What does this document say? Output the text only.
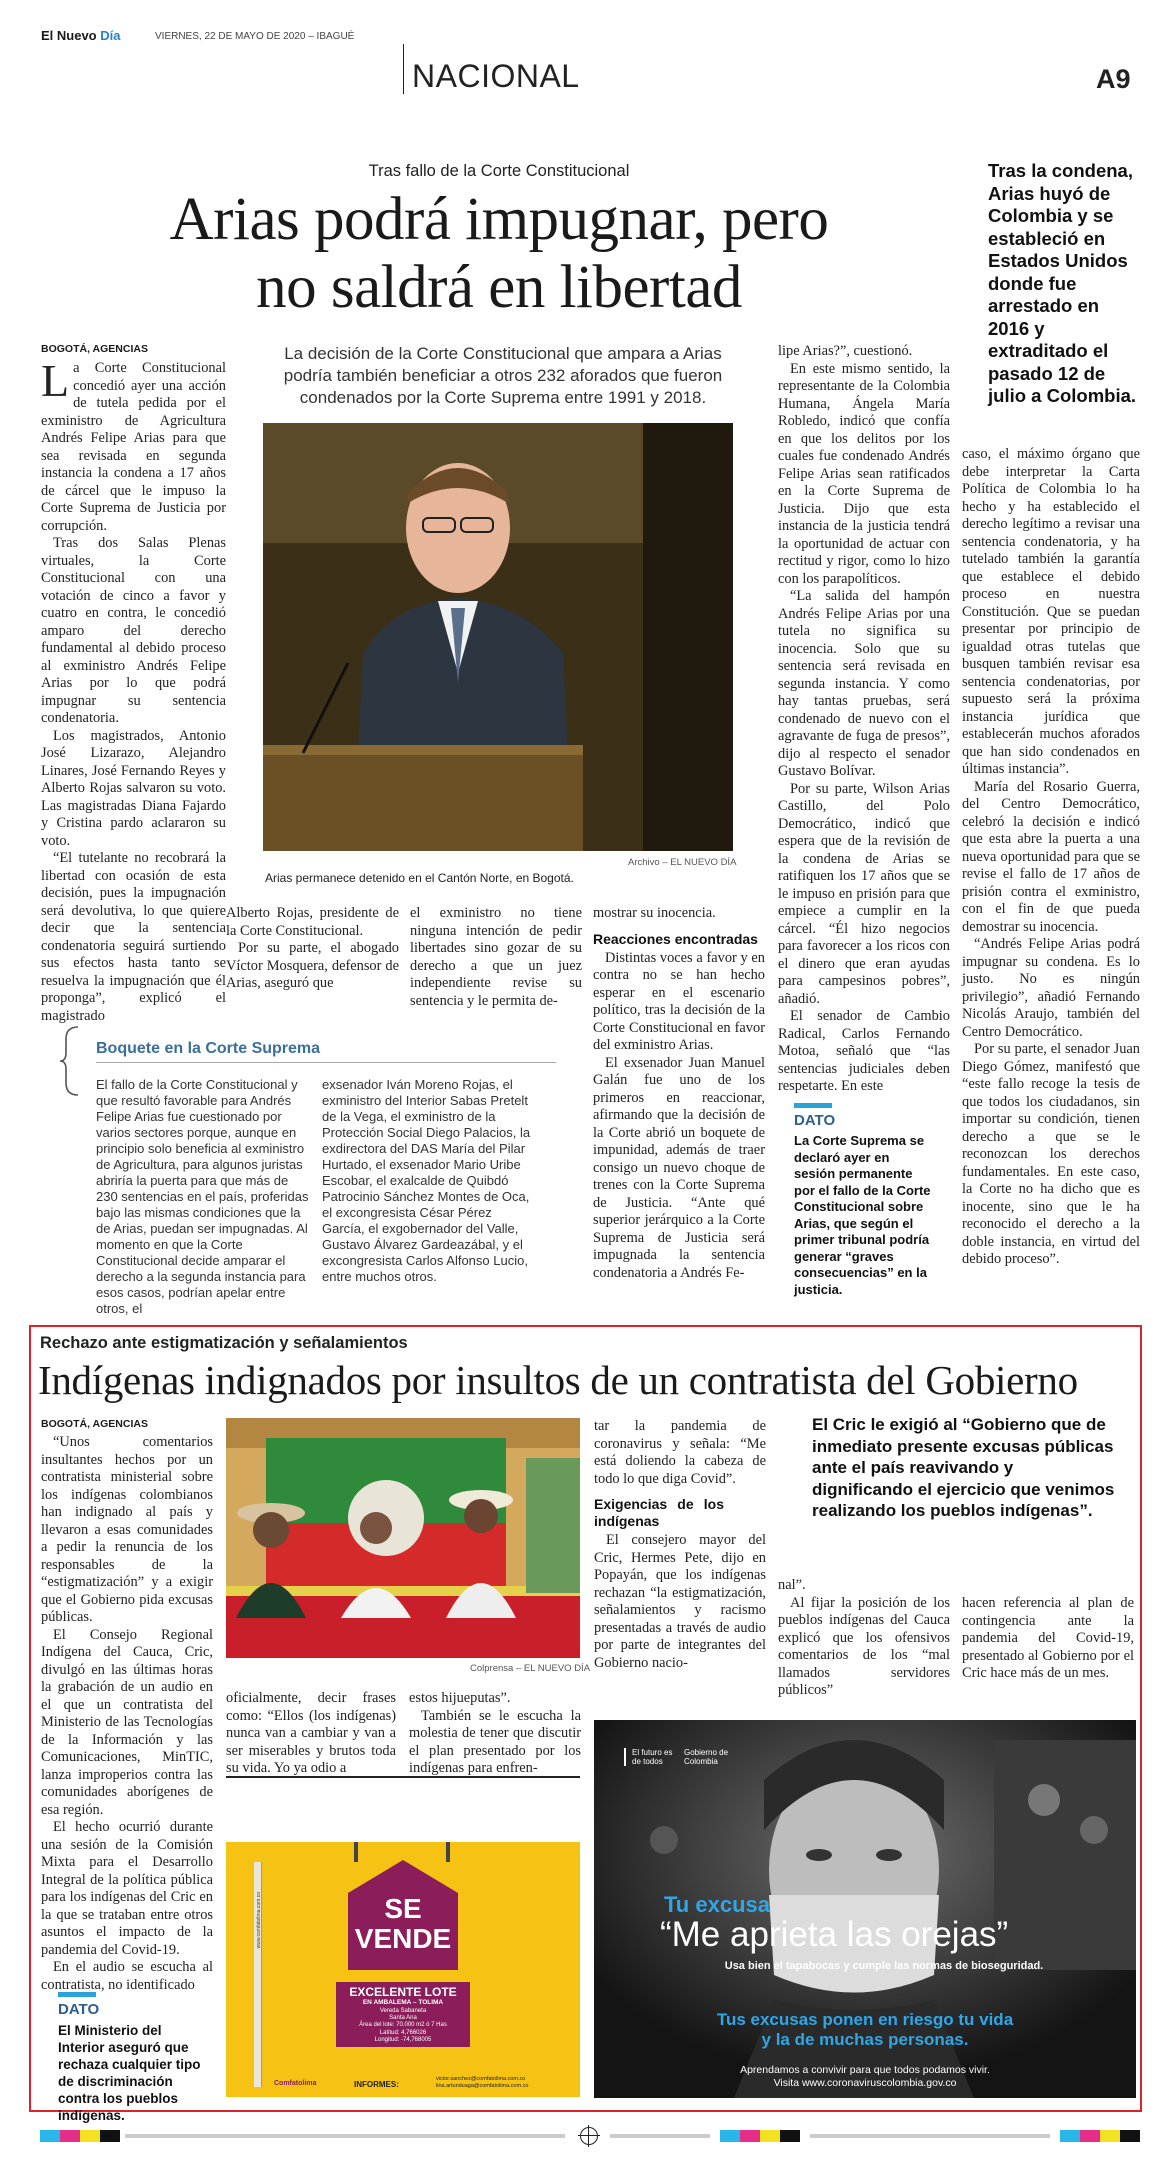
El Nuevo Día	VIERNES, 22 DE MAYO DE 2020 – IBAGUÉ
NACIONAL	A9
Tras fallo de la Corte Constitucional
Arias podrá impugnar, pero
no saldrá en libertad
Tras la condena, Arias huyó de Colombia y se estableció en Estados Unidos donde fue arrestado en 2016 y extraditado el pasado 12 de julio a Colombia.
La decisión de la Corte Constitucional que ampara a Arias podría también beneficiar a otros 232 aforados que fueron condenados por la Corte Suprema entre 1991 y 2018.
Arias permanece detenido en el Cantón Norte, en Bogotá.
Archivo – EL NUEVO DÍA
BOGOTÁ, AGENCIAS

La Corte Constitucional concedió ayer una acción de tutela pedida por el exministro de Agricultura Andrés Felipe Arias para que sea revisada en segunda instancia la condena a 17 años de cárcel que le impuso la Corte Suprema de Justicia por corrupción.

Tras dos Salas Plenas virtuales, la Corte Constitucional con una votación de cinco a favor y cuatro en contra, le concedió amparo del derecho fundamental al debido proceso al exministro Andrés Felipe Arias por lo que podrá impugnar su sentencia condenatoria.

Los magistrados, Antonio José Lizarazo, Alejandro Linares, José Fernando Reyes y Alberto Rojas salvaron su voto. Las magistradas Diana Fajardo y Cristina pardo aclararon su voto.

“El tutelante no recobrará la libertad con ocasión de esta decisión, pues la impugnación será devolutiva, lo que quiere decir que la sentencia condenatoria seguirá surtiendo sus efectos hasta tanto se resuelva la impugnación que él proponga”, explicó el magistrado

Alberto Rojas, presidente de la Corte Constitucional.

Por su parte, el abogado Víctor Mosquera, defensor de Arias, aseguró que

el exministro no tiene ninguna intención de pedir libertades sino gozar de su derecho a que un juez independiente revise su sentencia y le permita de-

mostrar su inocencia.

Reacciones encontradas

Distintas voces a favor y en contra no se han hecho esperar en el escenario político, tras la decisión de la Corte Constitucional en favor del exministro Arias.

El exsenador Juan Manuel Galán fue uno de los primeros en reaccionar, afirmando que la decisión de la Corte abrió un boquete de impunidad, además de traer consigo un nuevo choque de trenes con la Corte Suprema de Justicia. “Ante qué superior jerárquico a la Corte Suprema de Justicia será impugnada la sentencia condenatoria a Andrés Fe-

lipe Arias?”, cuestionó.

En este mismo sentido, la representante de la Colombia Humana, Ángela María Robledo, indicó que confía en que los delitos por los cuales fue condenado Andrés Felipe Arias sean ratificados en la Corte Suprema de Justicia. Dijo que esta instancia de la justicia tendrá la oportunidad de actuar con rectitud y rigor, como lo hizo con los parapolíticos.

“La salida del hampón Andrés Felipe Arias por una tutela no significa su inocencia. Solo que su sentencia será revisada en segunda instancia. Y como hay tantas pruebas, será condenado de nuevo con el agravante de fuga de presos”, dijo al respecto el senador Gustavo Bolívar.

Por su parte, Wilson Arias Castillo, del Polo Democrático, indicó que espera que de la revisión de la condena de Arias se ratifiquen los 17 años que se le impuso en prisión para que empiece a cumplir en la cárcel. “Él hizo negocios para favorecer a los ricos con el dinero que eran ayudas para campesinos pobres”, añadió.

El senador de Cambio Radical, Carlos Fernando Motoa, señaló que “las sentencias judiciales deben respetarte. En este

caso, el máximo órgano que debe interpretar la Carta Política de Colombia lo ha hecho y ha establecido el derecho legítimo a revisar una sentencia condenatoria, y ha tutelado también la garantía que establece el debido proceso en nuestra Constitución. Que se puedan presentar por principio de igualdad otras tutelas que busquen también revisar esa sentencia condenatorias, por supuesto será la próxima instancia jurídica que establecerán muchos aforados que han sido condenados en últimas instancia”.

María del Rosario Guerra, del Centro Democrático, celebró la decisión e indicó que esta abre la puerta a una nueva oportunidad para que se revise el fallo de 17 años de prisión contra el exministro, con el fin de que pueda demostrar su inocencia.

“Andrés Felipe Arias podrá impugnar su condena. Es lo justo. No es ningún privilegio”, añadió Fernando Nicolás Araujo, también del Centro Democrático.

Por su parte, el senador Juan Diego Gómez, manifestó que “este fallo recoge la tesis de que todos los ciudadanos, sin importar su condición, tienen derecho a que se le reconozcan los derechos fundamentales. En este caso, la Corte no ha dicho que es inocente, sino que le ha reconocido el derecho a la doble instancia, en virtud del debido proceso”.

DATO
La Corte Suprema se declaró ayer en sesión permanente por el fallo de la Corte Constitucional sobre Arias, que según el primer tribunal podría generar “graves consecuencias” en la justicia.
Boquete en la Corte Suprema
El fallo de la Corte Constitucional y que resultó favorable para Andrés Felipe Arias fue cuestionado por varios sectores porque, aunque en principio solo beneficia al exministro de Agricultura, para algunos juristas abriría la puerta para que más de 230 sentencias en el país, proferidas bajo las mismas condiciones que la de Arias, puedan ser impugnadas. Al momento en que la Corte Constitucional decide amparar el derecho a la segunda instancia para esos casos, podrían apelar entre otros, el
exsenador Iván Moreno Rojas, el exministro del Interior Sabas Pretelt de la Vega, el exministro de la Protección Social Diego Palacios, la exdirectora del DAS María del Pilar Hurtado, el exsenador Mario Uribe Escobar, el exalcalde de Quibdó Patrocinio Sánchez Montes de Oca, el excongresista César Pérez García, el exgobernador del Valle, Gustavo Álvarez Gardeazábal, y el excongresista Carlos Alfonso Lucio, entre muchos otros.
Rechazo ante estigmatización y señalamientos
Indígenas indignados por insultos de un contratista del Gobierno
BOGOTÁ, AGENCIAS

“Unos comentarios insultantes hechos por un contratista ministerial sobre los indígenas colombianos han indignado al país y llevaron a esas comunidades a pedir la renuncia de los responsables de la “estigmatización” y a exigir que el Gobierno pida excusas públicas.

El Consejo Regional Indígena del Cauca, Cric, divulgó en las últimas horas la grabación de un audio en el que un contratista del Ministerio de las Tecnologías de la Información y las Comunicaciones, MinTIC, lanza improperios contra las comunidades aborígenes de esa región.

El hecho ocurrió durante una sesión de la Comisión Mixta para el Desarrollo Integral de la política pública para los indígenas del Cric en la que se trataban entre otros asuntos el impacto de la pandemia del Covid-19.

En el audio se escucha al contratista, no identificado

Colprensa – EL NUEVO DÍA

oficialmente, decir frases como: “Ellos (los indígenas) nunca van a cambiar y van a ser miserables y brutos toda su vida. Yo ya odio a

estos hijueputas”.

También se le escucha la molestia de tener que discutir el plan presentado por los indígenas para enfren-

tar la pandemia de coronavirus y señala: “Me está doliendo la cabeza de todo lo que diga Covid”.

Exigencias de los indígenas

El consejero mayor del Cric, Hermes Pete, dijo en Popayán, que los indígenas rechazan “la estigmatización, señalamientos y racismo presentadas a través de audio por parte de integrantes del Gobierno nacio-

El Cric le exigió al “Gobierno que de inmediato presente excusas públicas ante el país reavivando y dignificando el ejercicio que venimos realizando los pueblos indígenas”.

nal”.

Al fijar la posición de los pueblos indígenas del Cauca explicó que los ofensivos comentarios de los “mal llamados servidores públicos”

hacen referencia al plan de contingencia ante la pandemia del Covid-19, presentado al Gobierno por el Cric hace más de un mes.

DATO
El Ministerio del Interior aseguró que rechaza cualquier tipo de discriminación contra los pueblos indígenas.
www.comfatolima.com.co	SE
VENDE
EXCELENTE LOTE
EN AMBALEMA – TOLIMA
Vereda Sabaneta
Santa Ana
Área del lote: 70.000 m2 ó 7 Has
Latitud: 4,766026
Longitud: -74,768005
Comfatolima	INFORMES:
victor.sanchez@comfatolima.com.co
lina.artunduaga@comfatolima.com.co
El futuro es de todos
Gobierno de Colombia
Tu excusa
“Me aprieta las orejas”
Usa bien el tapabocas y cumple las normas de bioseguridad.
Tus excusas ponen en riesgo tu vida
y la de muchas personas.
Aprendamos a convivir para que todos podamos vivir.
Visita www.coronaviruscolombia.gov.co
